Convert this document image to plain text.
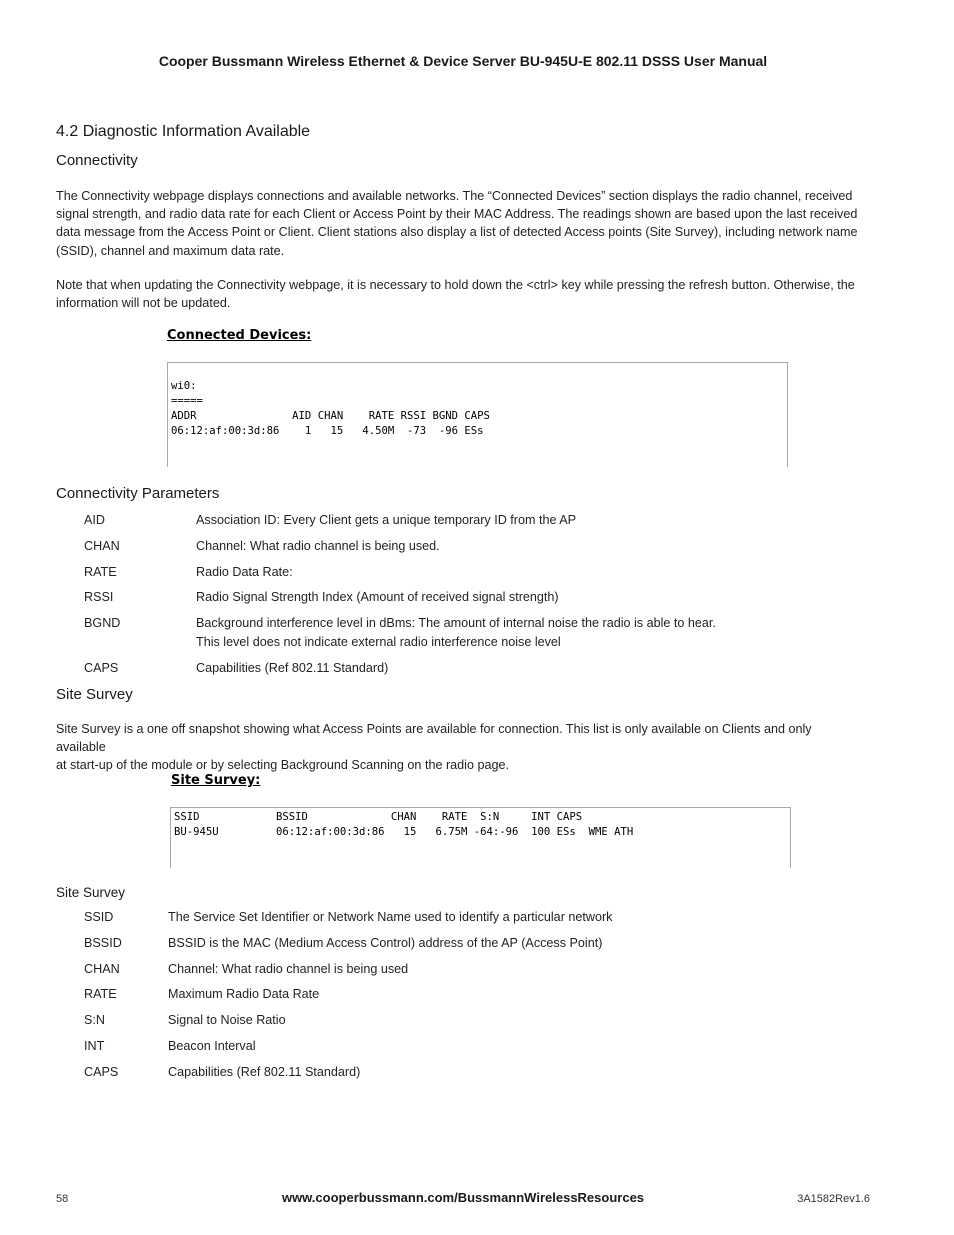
Cooper Bussmann Wireless Ethernet & Device Server BU-945U-E 802.11 DSSS User Manual
4.2 Diagnostic Information Available
Connectivity
The Connectivity webpage displays connections and available networks. The “Connected Devices” section displays the radio channel, received
signal strength, and radio data rate for each Client or Access Point by their MAC Address. The readings shown are based upon the last received
data message from the Access Point or Client. Client stations also display a list of detected Access points (Site Survey), including network name
(SSID), channel and maximum data rate.
Note that when updating the Connectivity webpage, it is necessary to hold down the <ctrl> key while pressing the refresh button. Otherwise, the
information will not be updated.
Connected Devices:
wi0:
=====
ADDR               AID CHAN    RATE RSSI BGND CAPS
06:12:af:00:3d:86    1   15   4.50M  -73  -96 ESs
Connectivity Parameters
AID	Association ID: Every Client gets a unique temporary ID from the AP
CHAN	Channel: What radio channel is being used.
RATE	Radio Data Rate:
RSSI	Radio Signal Strength Index (Amount of received signal strength)
BGND	Background interference level in dBms: The amount of internal noise the radio is able to hear.
This level does not indicate external radio interference noise level
CAPS	Capabilities (Ref 802.11 Standard)
Site Survey
Site Survey is a one off snapshot showing what Access Points are available for connection. This list is only available on Clients and only available
at start-up of the module or by selecting Background Scanning on the radio page.
Site Survey:
SSID            BSSID             CHAN    RATE  S:N     INT CAPS
BU-945U         06:12:af:00:3d:86   15   6.75M -64:-96  100 ESs  WME ATH
Site Survey
SSID	The Service Set Identifier or Network Name used to identify a particular network
BSSID	BSSID is the MAC (Medium Access Control) address of the AP (Access Point)
CHAN	Channel: What radio channel is being used
RATE	Maximum Radio Data Rate
S:N	Signal to Noise Ratio
INT	Beacon Interval
CAPS	Capabilities (Ref 802.11 Standard)
58	www.cooperbussmann.com/BussmannWirelessResources	3A1582Rev1.6
